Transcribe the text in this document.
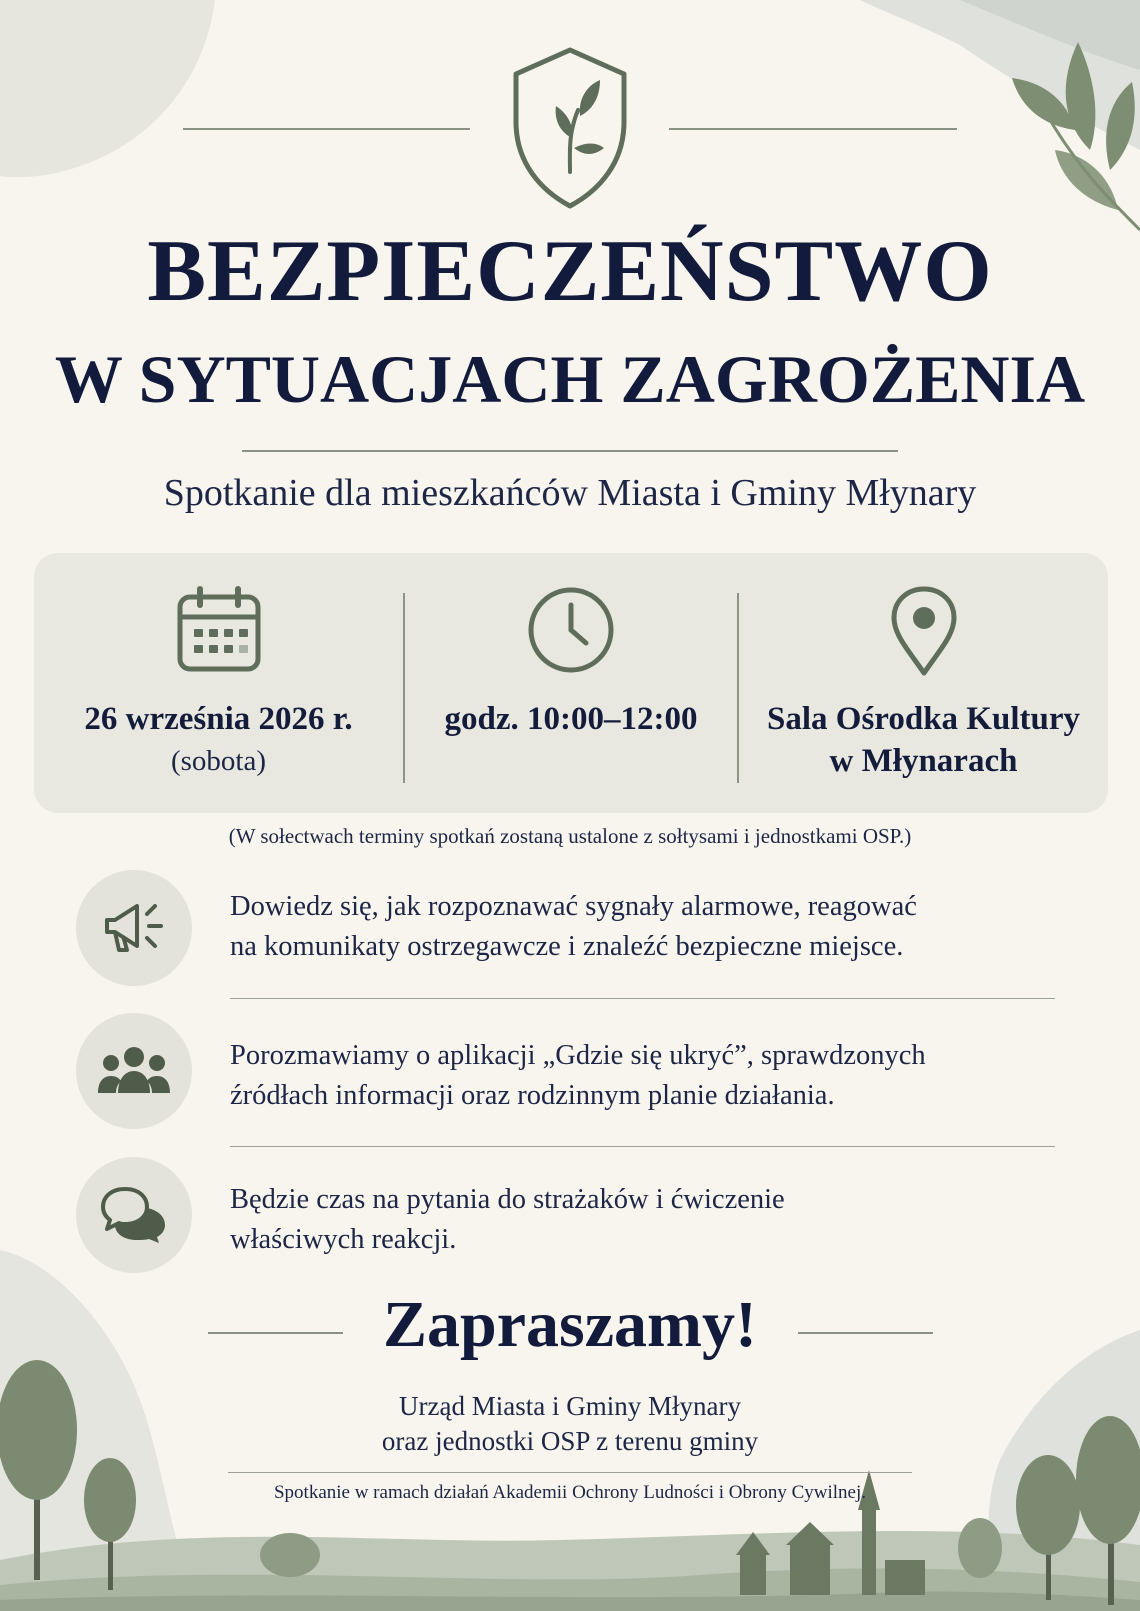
BEZPIECZEŃSTWO
W SYTUACJACH ZAGROŻENIA
Spotkanie dla mieszkańców Miasta i Gminy Młynary
26 września 2026 r.
(sobota)
godz. 10:00–12:00	Sala Ośrodka Kultury
w Młynarach
(W sołectwach terminy spotkań zostaną ustalone z sołtysami i jednostkami OSP.)
Dowiedz się, jak rozpoznawać sygnały alarmowe, reagować
na komunikaty ostrzegawcze i znaleźć bezpieczne miejsce.
Porozmawiamy o aplikacji „Gdzie się ukryć”, sprawdzonych
źródłach informacji oraz rodzinnym planie działania.
Będzie czas na pytania do strażaków i ćwiczenie
właściwych reakcji.
Zapraszamy!
Urząd Miasta i Gminy Młynary
oraz jednostki OSP z terenu gminy
Spotkanie w ramach działań Akademii Ochrony Ludności i Obrony Cywilnej.
